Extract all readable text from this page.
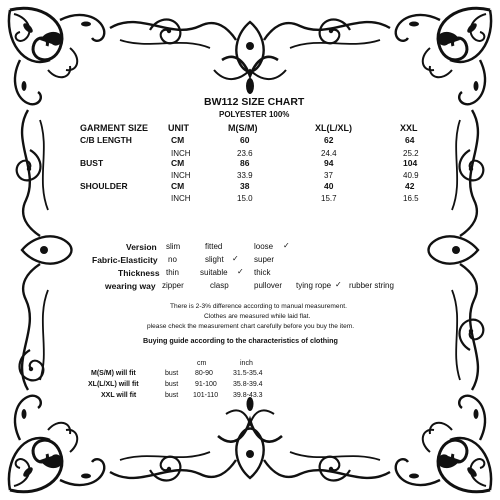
BW112 SIZE CHART
POLYESTER 100%
GARMENT SIZE UNIT	M(S/M)	XL(L/XL)	XXL
C/B LENGTH	CM	60	62	64
INCH	23.6	24.4	25.2
BUST	CM	86	94	104
INCH	33.9	37	40.9
SHOULDER	CM	38	40	42
INCH	15.0	15.7	16.5
Version slim	fitted	loose ✓
Fabric-Elasticity no	slight ✓ super
Thickness thin	suitable ✓ thick
wearing way zipper	clasp	pullover tying rope ✓ rubber string
There is 2-3% difference according to manual measurement.
Clothes are measured while laid flat.
please check the measurement chart carefully before you buy the item.
Buying guide according to the characteristics of clothing
cm	inch
M(S/M) will fit	bust 80-90	31.5-35.4
XL(L/XL) will fit	bust 91-100 35.8-39.4
XXL will fit	bust 101-110 39.8-43.3
